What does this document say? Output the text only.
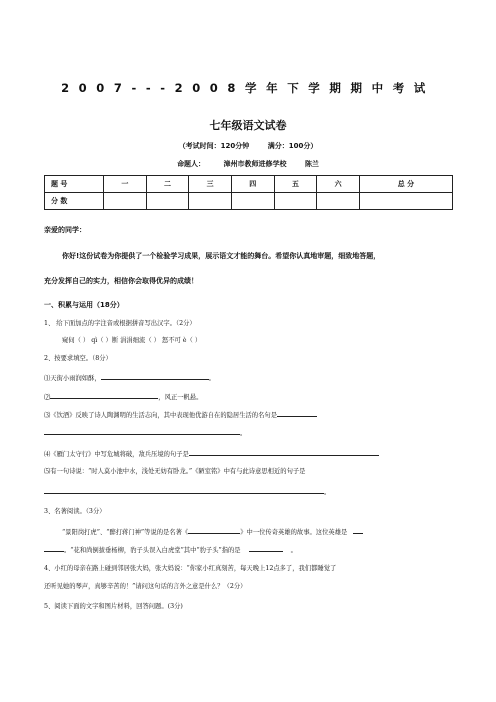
2007---2008学年下学期期中考试
七年级语文试卷
（考试时间：120分钟	满分：100分）
命题人：	漳州市教师进修学校	陈兰
题 号	一	二	三	四	五	六	总 分
分 数							
亲爱的同学：
你好!这份试卷为你提供了一个检验学习成果，展示语文才能的舞台。希望你认真地审题，细致地答题，
充分发挥自己的实力，相信你会取得优异的成绩！
一、积累与运用（18分）
1、 给下面加点的字注音或根据拼音写出汉字。（2分）
窥伺（ ） qì（ ）断 涓涓细流（ ） 怒不可 è（ ）
2、按要求填空。（8分）
⑴天街小雨润如酥，	。
⑵	，风正一帆悬。
⑶《饮酒》反映了诗人陶渊明的生活志向，其中表现他优游自在的隐居生活的名句是
。
⑷《雁门太守行》中写危城将破，敌兵压境的句子是
⑸有一句诗说：“时人莫小池中水，浅处无妨有卧龙。”《陋室铭》中有与此诗意思相近的句子是
。
3、名著阅读。（3分）
“景阳岗打虎”、“醉打蒋门神”等说的是名著《	》中一位传奇英雄的故事。这位英雄是
。“花和尚倒拔垂杨柳，豹子头误入白虎堂”其中“豹子头”指的是	。
4、小红的母亲在路上碰到邻居张大妈，张大妈说：“你家小红真刻苦，每天晚上12点多了，我们都睡觉了
还听见她的琴声，真够辛苦的！”请问这句话的言外之意是什么？（2分）
5、阅读下面的文字和图片材料，回答问题。(3分)
